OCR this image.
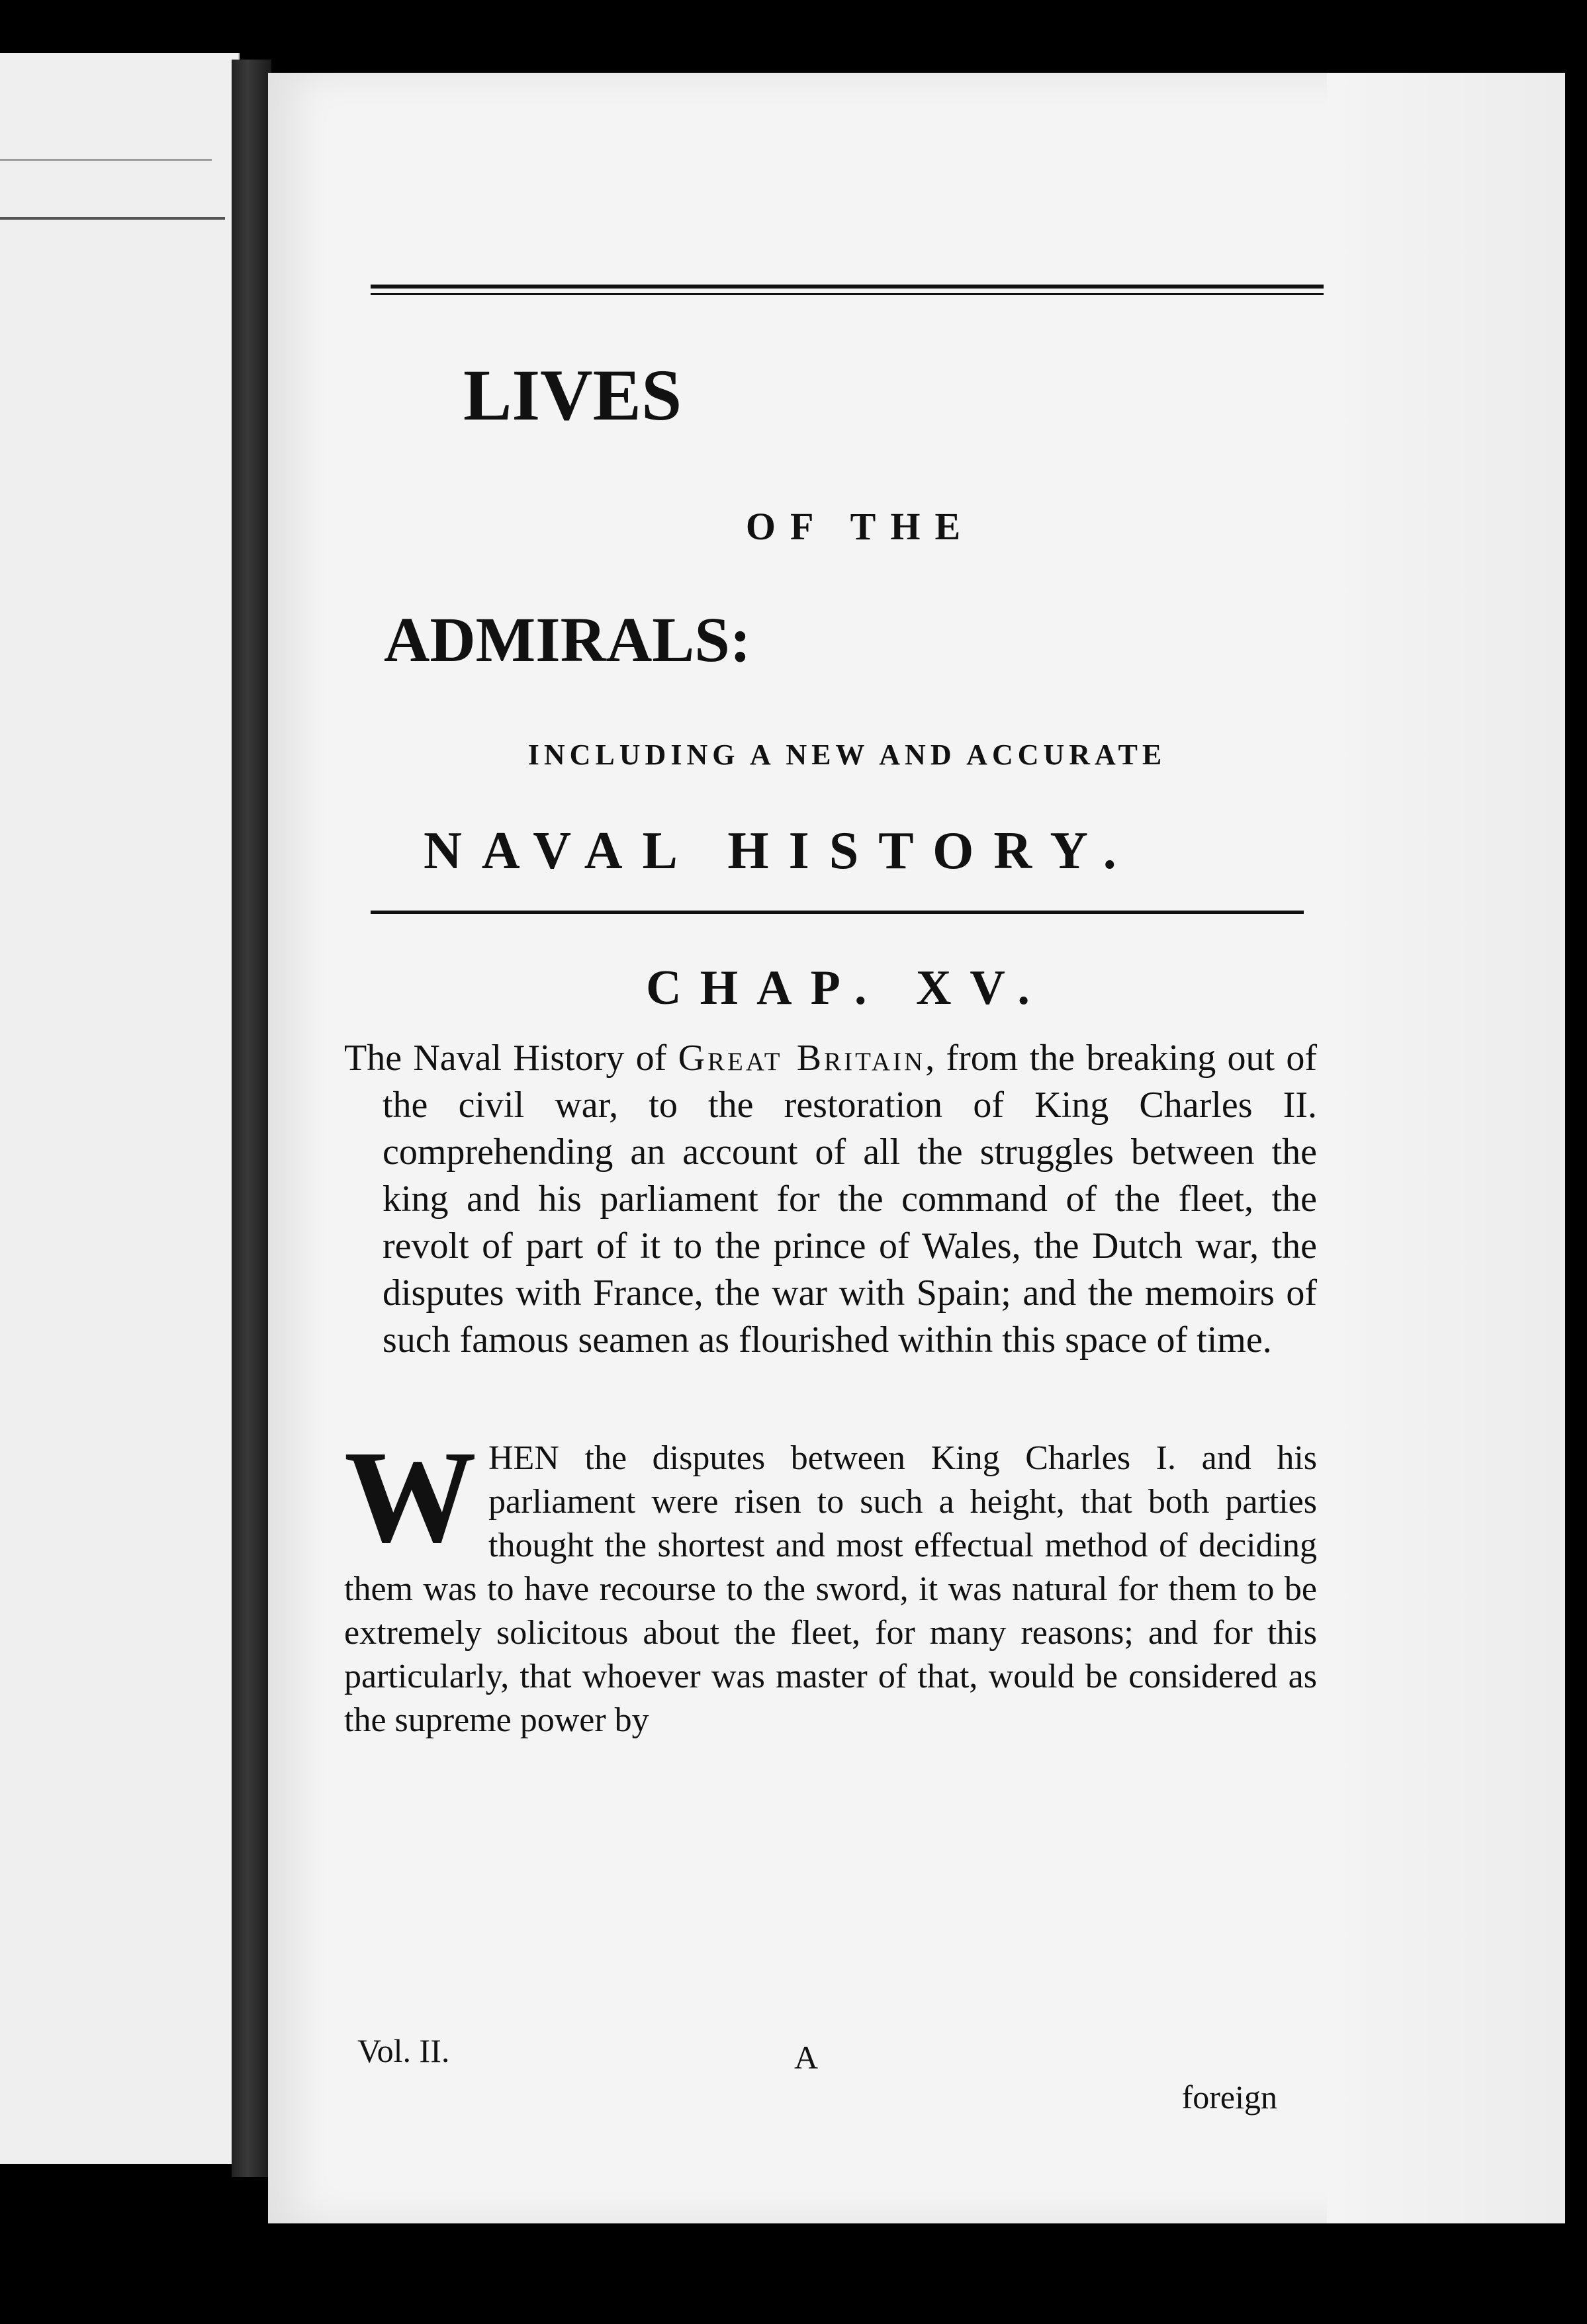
LIVES
OF THE
ADMIRALS:
INCLUDING A NEW AND ACCURATE
NAVAL HISTORY.
CHAP. XV.

The Naval History of Great Britain, from the breaking out of the civil war, to the restoration of King Charles II. comprehending an account of all the struggles between the king and his parliament for the command of the fleet, the revolt of part of it to the prince of Wales, the Dutch war, the disputes with France, the war with Spain; and the memoirs of such famous seamen as flourished within this space of time.

WHEN the disputes between King Charles I. and his parliament were risen to such a height, that both parties thought the shortest and most effectual method of deciding them was to have recourse to the sword, it was natural for them to be extremely solicitous about the fleet, for many reasons; and for this particularly, that whoever was master of that, would be considered as the supreme power by

Vol. II.	A
foreign
